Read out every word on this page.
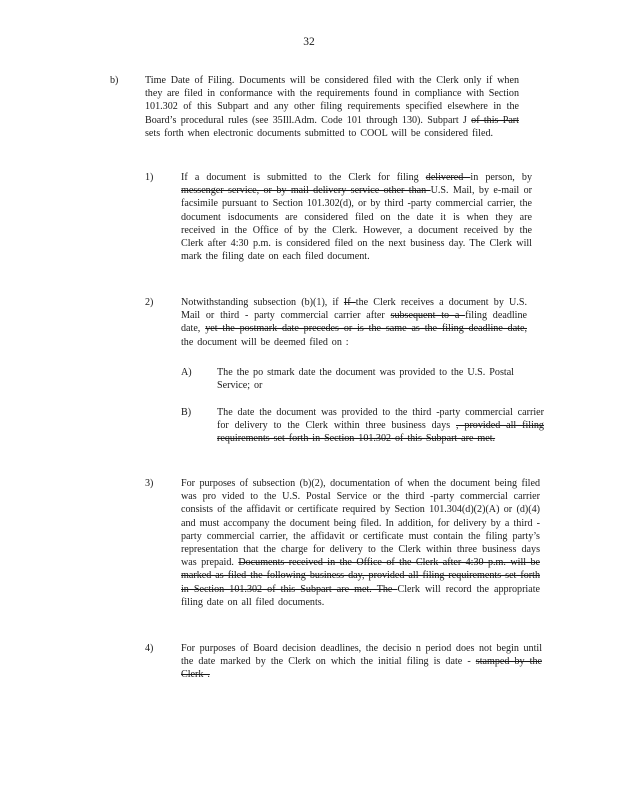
32
b)	Time Date of Filing. Documents will be considered filed with the Clerk only if when they are filed in conformance with the requirements found in compliance with Section 101.302 of this Subpart and any other filing requirements specified elsewhere in the Board’s procedural rules (see 35Ill.Adm. Code 101 through 130). Subpart J of this Part sets forth when electronic documents submitted to COOL will be considered filed.
1)	If a document is submitted to the Clerk for filing delivered in person, by messenger service, or by mail delivery service other than U.S. Mail, by e-mail or facsimile pursuant to Section 101.302(d), or by third -party commercial carrier, the document isdocuments are considered filed on the date it is when they are received in the Office of by the Clerk. However, a document received by the Clerk after 4:30 p.m. is considered filed on the next business day. The Clerk will mark the filing date on each filed document.
2)	Notwithstanding subsection (b)(1), if If the Clerk receives a document by U.S. Mail or third - party commercial carrier after subsequent to a filing deadline date, yet the postmark date precedes or is the same as the filing deadline date, the document will be deemed filed on :
A)	The the po stmark date the document was provided to the U.S. Postal Service; or
B)	The date the document was provided to the third -party commercial carrier for delivery to the Clerk within three business days , provided all filing requirements set forth in Section 101.302 of this Subpart are met.
3)	For purposes of subsection (b)(2), documentation of when the document being filed was pro vided to the U.S. Postal Service or the third -party commercial carrier consists of the affidavit or certificate required by Section 101.304(d)(2)(A) or (d)(4) and must accompany the document being filed. In addition, for delivery by a third - party commercial carrier, the affidavit or certificate must contain the filing party’s representation that the charge for delivery to the Clerk within three business days was prepaid. Documents received in the Office of the Clerk after 4:30 p.m. will be marked as filed the following business day, provided all filing requirements set forth in Section 101.302 of this Subpart are met. The Clerk will record the appropriate filing date on all filed documents.
4)	For purposes of Board decision deadlines, the decisio n period does not begin until the date marked by the Clerk on which the initial filing is date - stamped by the Clerk .
